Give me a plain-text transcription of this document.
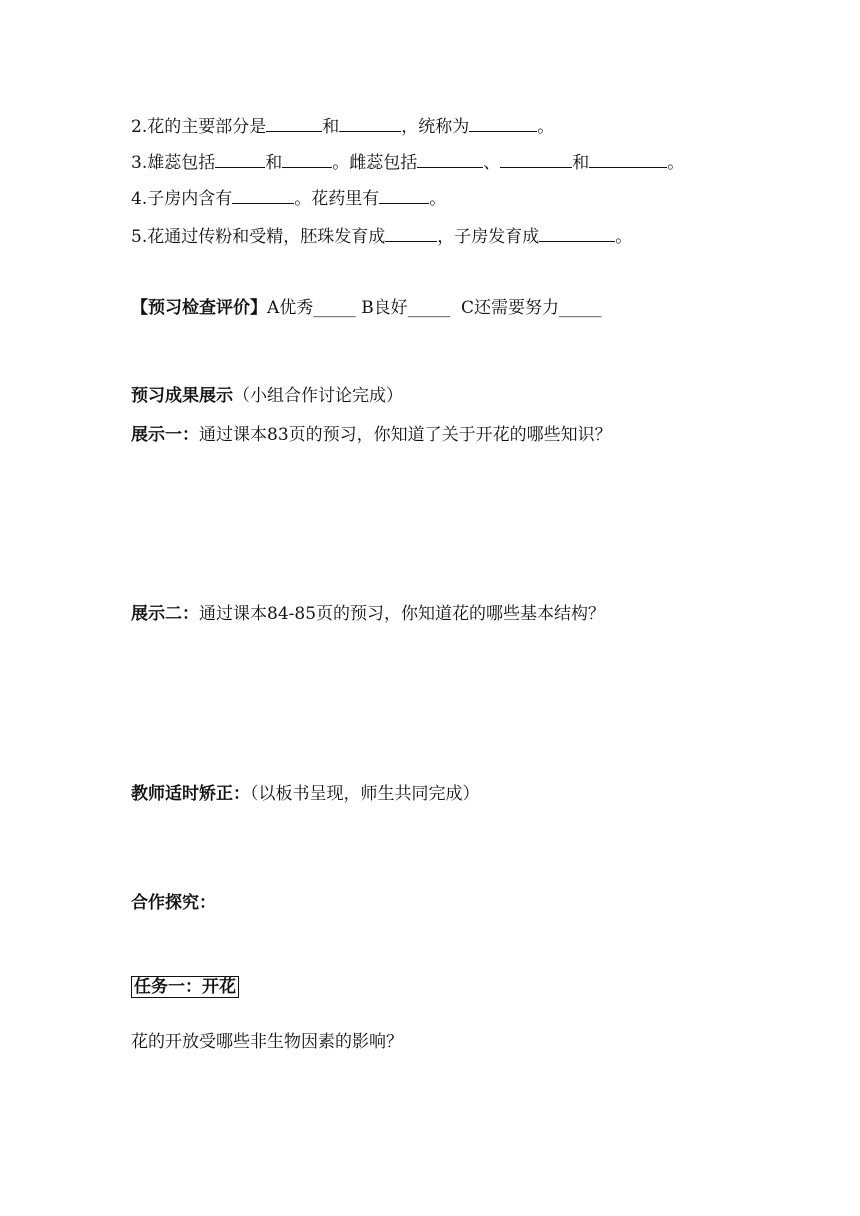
2.花的主要部分是	和	，统称为	。
3.雄蕊包括	和	。雌蕊包括	、	和	。
4.子房内含有	。花药里有	。
5.花通过传粉和受精，胚珠发育成	，子房发育成	。
【预习检查评价】A优秀_____ B良好_____ C还需要努力_____
预习成果展示（小组合作讨论完成）
展示一：通过课本83页的预习，你知道了关于开花的哪些知识？
展示二：通过课本84-85页的预习，你知道花的哪些基本结构？
教师适时矫正：（以板书呈现，师生共同完成）
合作探究：
任务一：开花
花的开放受哪些非生物因素的影响？
